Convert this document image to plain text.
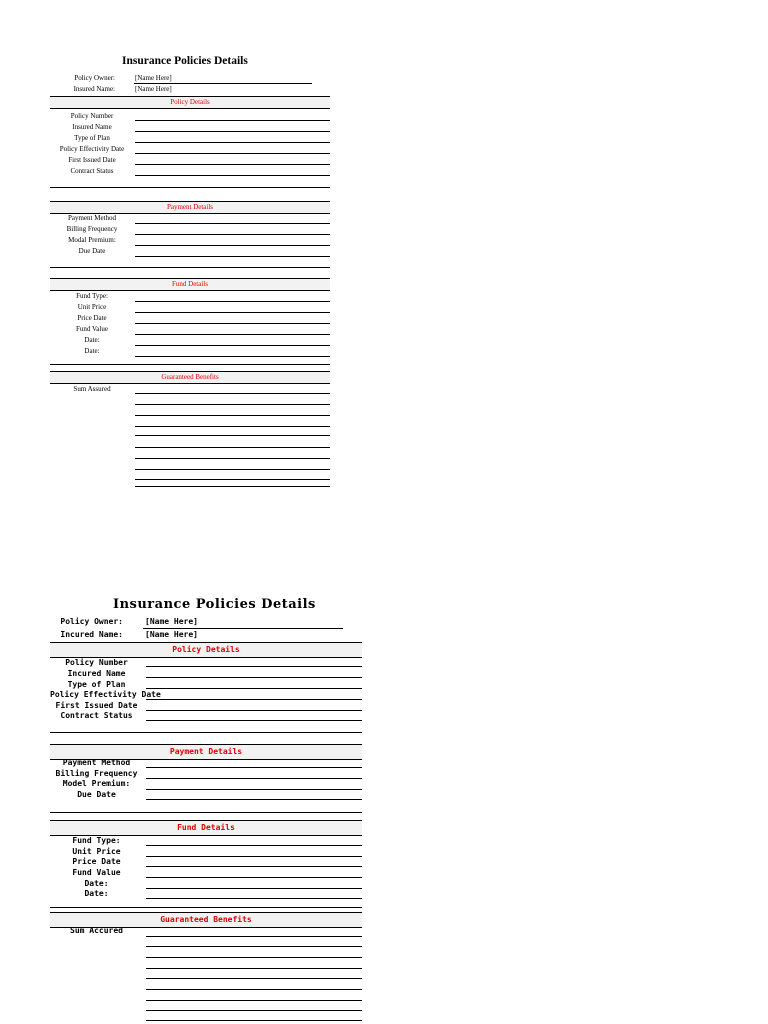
Insurance Policies Details
Policy Owner:	[Name Here]
Insured Name:	[Name Here]
Policy Details
Policy Number
Insured Name
Type of Plan
Policy Effectivity Date
First Issued Date
Contract Status
Payment Details
Payment Method
Billing Frequency
Modal Premium:
Due Date
Fund Details
Fund Type:
Unit Price
Price Date
Fund Value
Date:
Date:
Guaranteed Benefits
Sum Assured
Insurance Policies Details
Policy Owner:	[Name Here]
Incured Name:	[Name Here]
Policy Details
Policy Number
Incured Name
Type of Plan
Policy Effectivity Date
First Issued Date
Contract Status
Payment Details
Payment Method
Billing Frequency
Model Premium:
Due Date
Fund Details
Fund Type:
Unit Price
Price Date
Fund Value
Date:
Date:
Guaranteed Benefits
Sum Accured
